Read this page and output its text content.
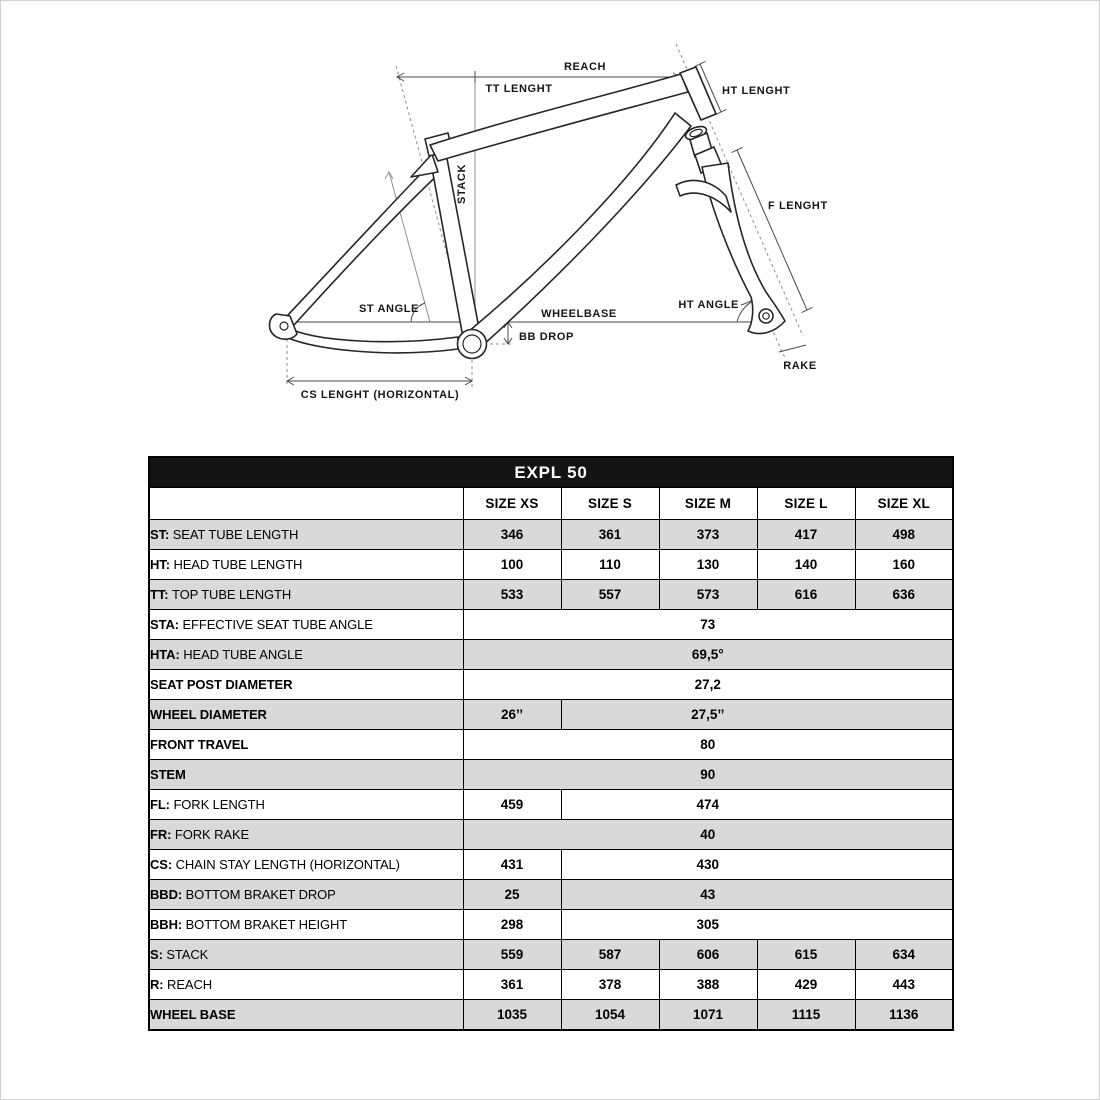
REACH
TT LENGHT	HT LENGHT
STACK
F LENGHT
ST ANGLE	WHEELBASE
BB DROP
HT ANGLE
RAKE
CS LENGHT (HORIZONTAL)
EXPL 50					
	SIZE XS	SIZE S	SIZE M	SIZE L	SIZE XL
ST: SEAT TUBE LENGTH	346	361	373	417	498
HT: HEAD TUBE LENGTH	100	110	130	140	160
TT: TOP TUBE LENGTH	533	557	573	616	636
STA: EFFECTIVE SEAT TUBE ANGLE	73				
HTA: HEAD TUBE ANGLE	69,5°				
SEAT POST DIAMETER	27,2				
WHEEL DIAMETER	26’’	27,5’’			
FRONT TRAVEL	80				
STEM	90				
FL: FORK LENGTH	459	474			
FR: FORK RAKE	40				
CS: CHAIN STAY LENGTH (HORIZONTAL)	431	430			
BBD: BOTTOM BRAKET DROP	25	43			
BBH: BOTTOM BRAKET HEIGHT	298	305			
S: STACK	559	587	606	615	634
R: REACH	361	378	388	429	443
WHEEL BASE	1035	1054	1071	1115	1136
